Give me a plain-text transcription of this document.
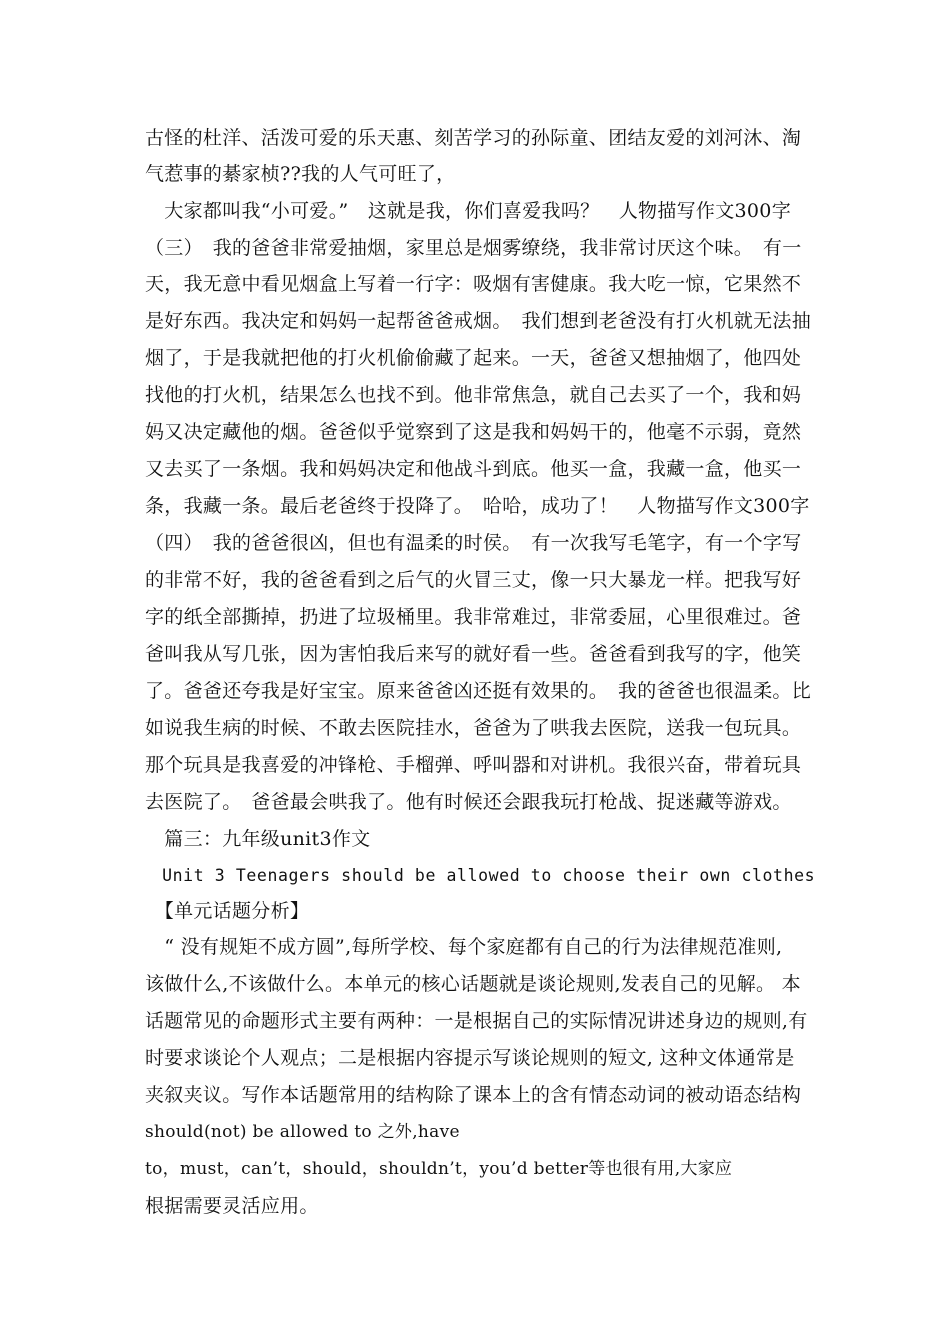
古怪的杜洋、活泼可爱的乐天惠、刻苦学习的孙际童、团结友爱的刘河沐、淘
气惹事的綦家桢??我的人气可旺了，
　大家都叫我“小可爱。”　这就是我，你们喜爱我吗？　人物描写作文300字
（三）　我的爸爸非常爱抽烟，家里总是烟雾缭绕，我非常讨厌这个味。　有一
天，我无意中看见烟盒上写着一行字：吸烟有害健康。我大吃一惊，它果然不
是好东西。我决定和妈妈一起帮爸爸戒烟。　我们想到老爸没有打火机就无法抽
烟了，于是我就把他的打火机偷偷藏了起来。一天，爸爸又想抽烟了，他四处
找他的打火机，结果怎么也找不到。他非常焦急，就自己去买了一个，我和妈
妈又决定藏他的烟。爸爸似乎觉察到了这是我和妈妈干的，他毫不示弱，竟然
又去买了一条烟。我和妈妈决定和他战斗到底。他买一盒，我藏一盒，他买一
条，我藏一条。最后老爸终于投降了。　哈哈，成功了！　人物描写作文300字
（四）　我的爸爸很凶，但也有温柔的时侯。　有一次我写毛笔字，有一个字写
的非常不好，我的爸爸看到之后气的火冒三丈，像一只大暴龙一样。把我写好
字的纸全部撕掉，扔进了垃圾桶里。我非常难过，非常委屈，心里很难过。爸
爸叫我从写几张，因为害怕我后来写的就好看一些。爸爸看到我写的字，他笑
了。爸爸还夸我是好宝宝。原来爸爸凶还挺有效果的。　我的爸爸也很温柔。比
如说我生病的时候、不敢去医院挂水，爸爸为了哄我去医院，送我一包玩具。
那个玩具是我喜爱的冲锋枪、手榴弹、呼叫器和对讲机。我很兴奋，带着玩具
去医院了。　爸爸最会哄我了。他有时候还会跟我玩打枪战、捉迷藏等游戏。
　篇三：九年级unit3作文
　Unit 3 Teenagers should be allowed to choose their own clothes
　【单元话题分析】
　“ 没有规矩不成方圆”,每所学校、每个家庭都有自己的行为法律规范准则,
该做什么,不该做什么。本单元的核心话题就是谈论规则,发表自己的见解。 本
话题常见的命题形式主要有两种：一是根据自己的实际情况讲述身边的规则,有
时要求谈论个人观点；二是根据内容提示写谈论规则的短文, 这种文体通常是
夹叙夹议。写作本话题常用的结构除了课本上的含有情态动词的被动语态结构
should(not) be allowed to 之外,have
to，must，can’t，should，shouldn’t，you’d better等也很有用,大家应
根据需要灵活应用。
